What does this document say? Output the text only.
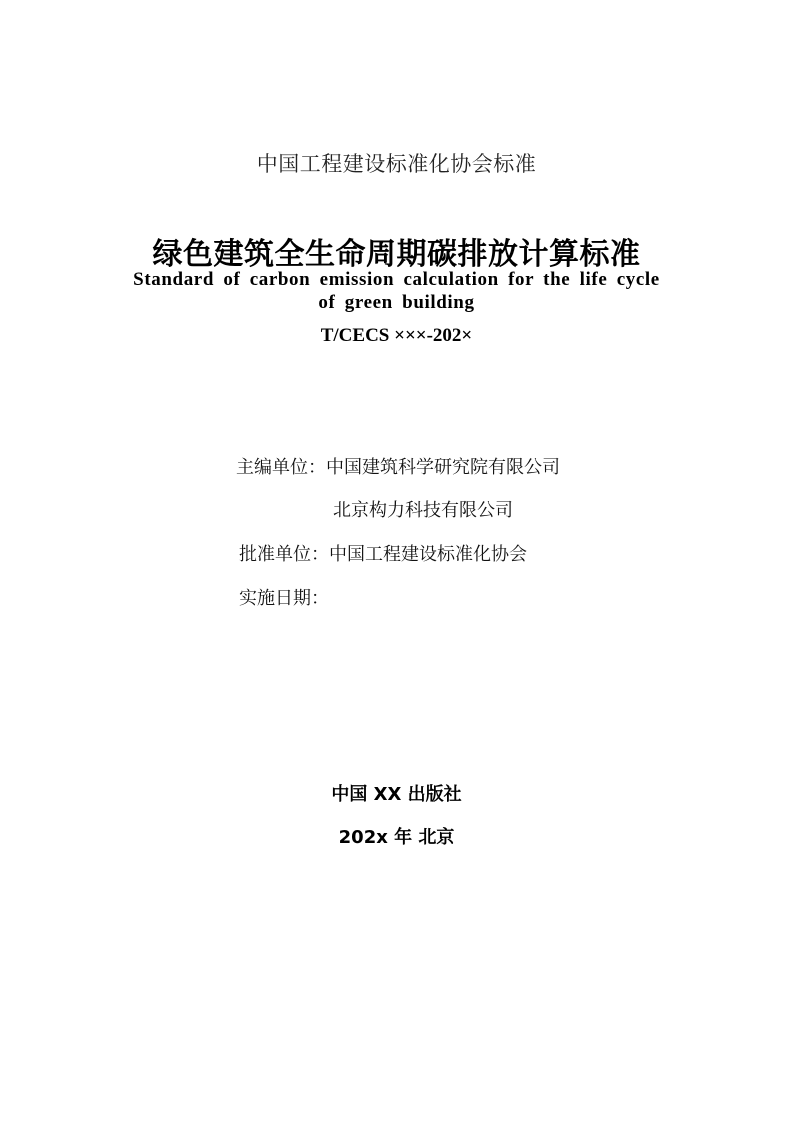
中国工程建设标准化协会标准
绿色建筑全生命周期碳排放计算标准
Standard of carbon emission calculation for the life cycle of green building
T/CECS ×××-202×
主编单位：中国建筑科学研究院有限公司
北京构力科技有限公司
批准单位：中国工程建设标准化协会
实施日期：
中国 XX 出版社
202x 年 北京
